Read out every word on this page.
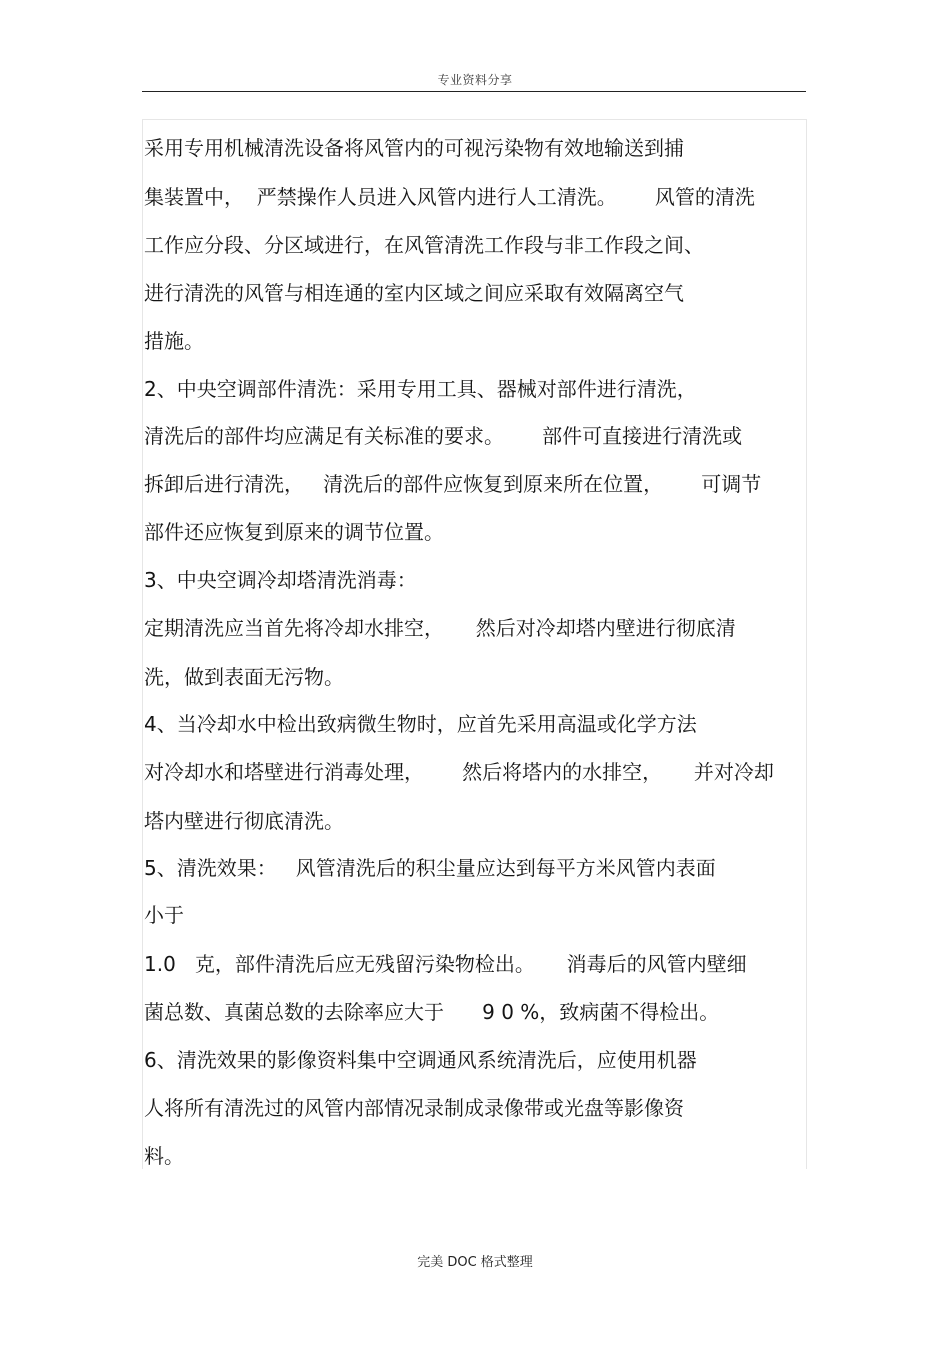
专业资料分享
采用专用机械清洗设备将风管内的可视污染物有效地输送到捕
集装置中，  严禁操作人员进入风管内进行人工清洗。      风管的清洗
工作应分段、分区域进行，在风管清洗工作段与非工作段之间、
进行清洗的风管与相连通的室内区域之间应采取有效隔离空气
措施。
2、中央空调部件清洗：采用专用工具、器械对部件进行清洗，
清洗后的部件均应满足有关标准的要求。      部件可直接进行清洗或
拆卸后进行清洗，   清洗后的部件应恢复到原来所在位置，      可调节
部件还应恢复到原来的调节位置。
3、中央空调冷却塔清洗消毒：
定期清洗应当首先将冷却水排空，     然后对冷却塔内壁进行彻底清
洗，做到表面无污物。
4、当冷却水中检出致病微生物时，应首先采用高温或化学方法
对冷却水和塔壁进行消毒处理，      然后将塔内的水排空，     并对冷却
塔内壁进行彻底清洗。
5、清洗效果：   风管清洗后的积尘量应达到每平方米风管内表面
小于
1.0   克，部件清洗后应无残留污染物检出。     消毒后的风管内壁细
菌总数、真菌总数的去除率应大于      9 0 %，致病菌不得检出。
6、清洗效果的影像资料集中空调通风系统清洗后，应使用机器
人将所有清洗过的风管内部情况录制成录像带或光盘等影像资
料。
完美 DOC 格式整理
